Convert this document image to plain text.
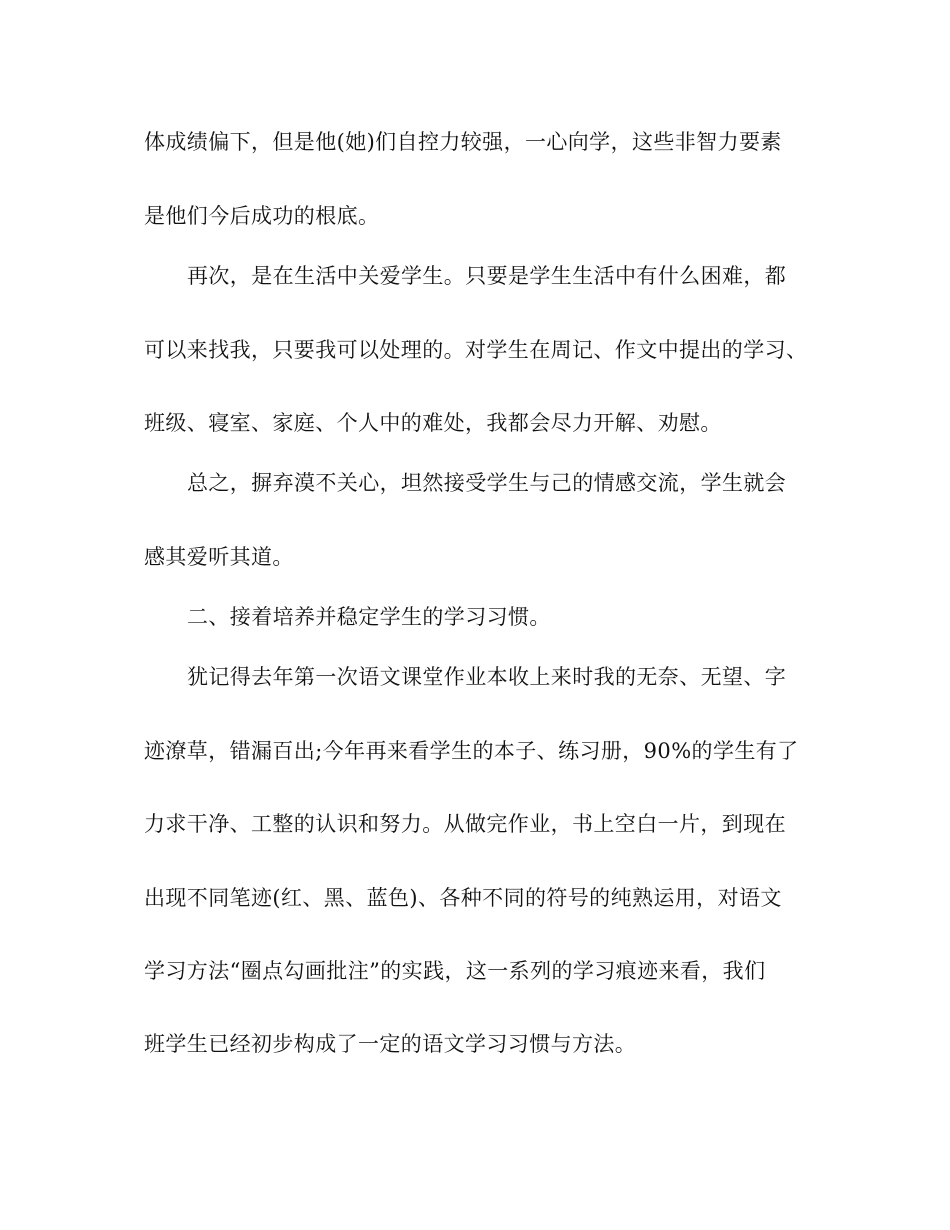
体成绩偏下，但是他(她)们自控力较强，一心向学，这些非智力要素
是他们今后成功的根底。
再次，是在生活中关爱学生。只要是学生生活中有什么困难，都
可以来找我，只要我可以处理的。对学生在周记、作文中提出的学习、
班级、寝室、家庭、个人中的难处，我都会尽力开解、劝慰。
总之，摒弃漠不关心，坦然接受学生与己的情感交流，学生就会
感其爱听其道。
二、接着培养并稳定学生的学习习惯。
犹记得去年第一次语文课堂作业本收上来时我的无奈、无望、字
迹潦草，错漏百出;今年再来看学生的本子、练习册，90%的学生有了
力求干净、工整的认识和努力。从做完作业，书上空白一片，到现在
出现不同笔迹(红、黑、蓝色)、各种不同的符号的纯熟运用，对语文
学习方法“圈点勾画批注”的实践，这一系列的学习痕迹来看，我们
班学生已经初步构成了一定的语文学习习惯与方法。
